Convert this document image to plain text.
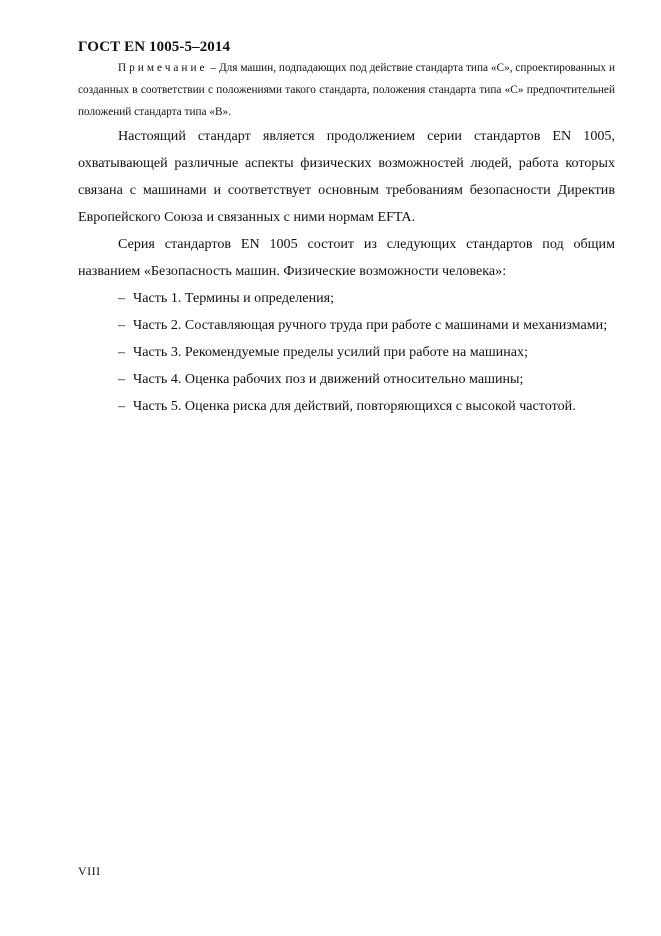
ГОСТ EN 1005-5–2014

Примечание – Для машин, подпадающих под действие стандарта типа «С», спроектированных и созданных в соответствии с положениями такого стандарта, положения стандарта типа «С» предпочтительней положений стандарта типа «В».

Настоящий стандарт является продолжением серии стандартов EN 1005, охватывающей различные аспекты физических возможностей людей, работа которых связана с машинами и соответствует основным требованиям безопасности Директив Европейского Союза и связанных с ними нормам EFTA.

Серия стандартов EN 1005 состоит из следующих стандартов под общим названием «Безопасность машин. Физические возможности человека»:

– Часть 1. Термины и определения;

– Часть 2. Составляющая ручного труда при работе с машинами и механизмами;

– Часть 3. Рекомендуемые пределы усилий при работе на машинах;

– Часть 4. Оценка рабочих поз и движений относительно машины;

– Часть 5. Оценка риска для действий, повторяющихся с высокой частотой.

VIII
